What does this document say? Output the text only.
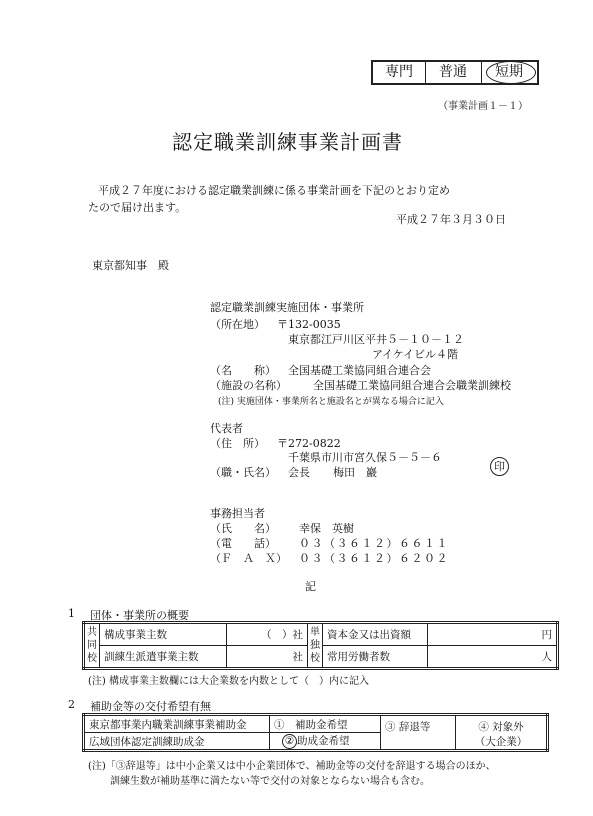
専門	普通	短期
（事業計画１－１）
認定職業訓練事業計画書
平成２７年度における認定職業訓練に係る事業計画を下記のとおり定め
たので届け出ます。
平成２７年３月３０日
東京都知事　殿
認定職業訓練実施団体・事業所
（所在地） 〒132-0035
東京都江戸川区平井５－１０－１２
アイケイビル４階
（名　　称） 全国基礎工業協同組合連合会
（施設の名称） 全国基礎工業協同組合連合会職業訓練校
(注) 実施団体・事業所名と施設名とが異なる場合に記入
代表者
（住　所） 〒272-0822
千葉県市川市宮久保５－５－６
（職・氏名） 会長 梅田　巖	印
事務担当者
（氏　　名） 幸保　英樹
（電　　話） ０３（３６１２）６６１１
（Ｆ　Ａ　Ｘ） ０３（３６１２）６２０２
記
1 団体・事業所の概要
共同校	構成事業主数	（　）社	単独校	資本金又は出資額	円
	訓練生派遣事業主数	社		常用労働者数	人
(注) 構成事業主数欄には大企業数を内数として（　）内に記入
2 補助金等の交付希望有無
東京都事業内職業訓練事業補助金	①　補助金希望	③ 辞退等	④ 対象外
（大企業）

広域団体認定訓練助成金	② 助成金希望		
(注)「③辞退等」は中小企業又は中小企業団体で、補助金等の交付を辞退する場合のほか、
訓練生数が補助基準に満たない等で交付の対象とならない場合も含む。
